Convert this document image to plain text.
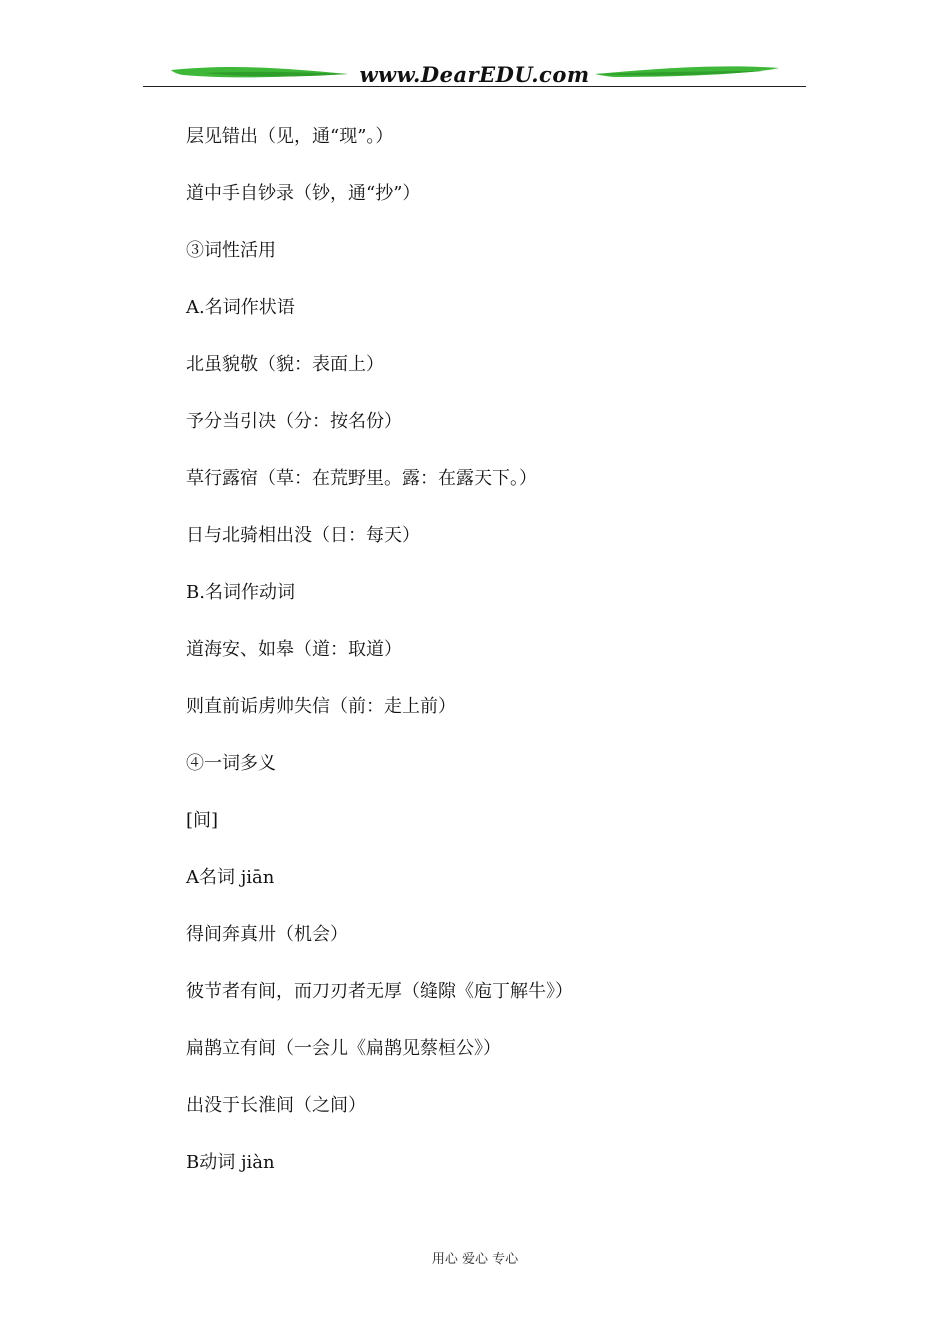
www.DearEDU.com
层见错出（见，通“现”。）
道中手自钞录（钞，通“抄”）
③词性活用
A.名词作状语
北虽貌敬（貌：表面上）
予分当引决（分：按名份）
草行露宿（草：在荒野里。露：在露天下。）
日与北骑相出没（日：每天）
B.名词作动词
道海安、如皋（道：取道）
则直前诟虏帅失信（前：走上前）
④一词多义
[间]
A名词 jiān
得间奔真卅（机会）
彼节者有间，而刀刃者无厚（缝隙《庖丁解牛》）
扁鹊立有间（一会儿《扁鹊见蔡桓公》）
出没于长淮间（之间）
B动词 jiàn
用心 爱心 专心
